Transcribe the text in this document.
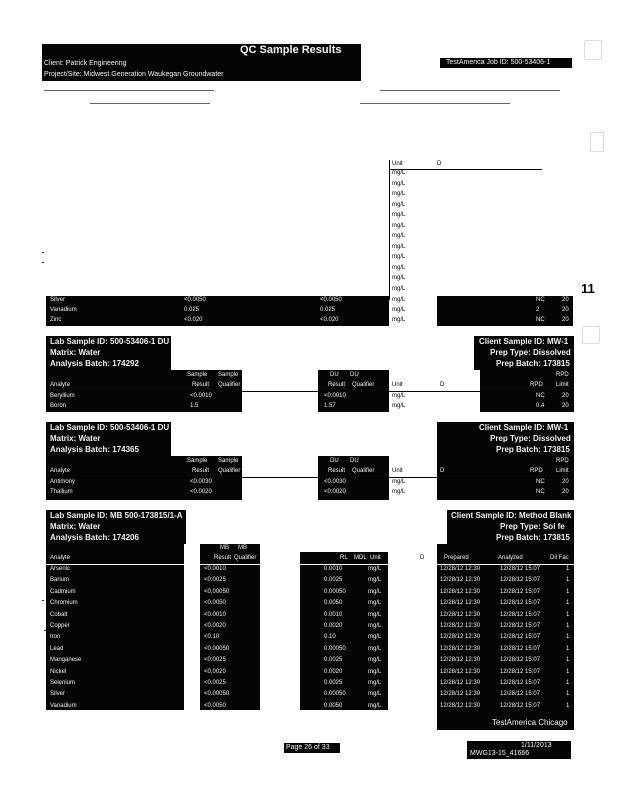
QC Sample Results
Client: Patrick Engineering
Project/Site: Midwest Generation Waukegan Groundwater
TestAmerica Job ID: 500-53406-1
Unit	D
mg/L
mg/L
mg/L
mg/L
mg/L
mg/L
mg/L
mg/L
mg/L
mg/L
mg/L
mg/L	11
Silver	<0.0050	<0.0050	mg/L	NC	20
Vanadium	0.025	0.025	mg/L	2	20
Zinc	<0.020	<0.020	mg/L	NC	20
Lab Sample ID: 500-53406-1 DU
Matrix: Water
Analysis Batch: 174292
Client Sample ID: MW-1
Prep Type: Dissolved
Prep Batch: 173815
Sample Sample	DU DU	RPD
Analyte	Result Qualifier	Result Qualifier	Unit	D	RPD Limit
Beryllium	<0.0010	<0.0010	mg/L	NC	20
Boron	1.5	1.57	mg/L	0.4	20
Lab Sample ID: 500-53406-1 DU
Matrix: Water
Analysis Batch: 174365
Client Sample ID: MW-1
Prep Type: Dissolved
Prep Batch: 173815
Sample Sample	DU DU	RPD
Analyte	Result Qualifier	Result Qualifier	Unit	D	RPD Limit
Antimony	<0.0030	<0.0030	mg/L	NC	20
Thallium	<0.0020	<0.0020	mg/L	NC	20
Lab Sample ID: MB 500-173815/1-A
Matrix: Water
Analysis Batch: 174206
Client Sample ID: Method Blank
Prep Type: Sol fe
Prep Batch: 173815
MB MB
Analyte	Result Qualifier	RL MDL Unit	D	Prepared	Analyzed	Dil Fac
Arsenic	<0.0010	0.0010	mg/L	12/28/12 12:30	12/28/12 15:07	1
Barium	<0.0025	0.0025	mg/L	12/28/12 12:30	12/28/12 15:07	1
Cadmium	<0.00050	0.00050	mg/L	12/28/12 12:30	12/28/12 15:07	1
Chromium	<0.0050	0.0050	mg/L	12/28/12 12:30	12/28/12 15:07	1
Cobalt	<0.0010	0.0010	mg/L	12/28/12 12:30	12/28/12 15:07	1
Copper	<0.0020	0.0020	mg/L	12/28/12 12:30	12/28/12 15:07	1
Iron	<0.10	0.10	mg/L	12/28/12 12:30	12/28/12 15:07	1
Lead	<0.00050	0.00050	mg/L	12/28/12 12:30	12/28/12 15:07	1
Manganese	<0.0025	0.0025	mg/L	12/28/12 12:30	12/28/12 15:07	1
Nickel	<0.0020	0.0020	mg/L	12/28/12 12:30	12/28/12 15:07	1
Selenium	<0.0025	0.0025	mg/L	12/28/12 12:30	12/28/12 15:07	1
Silver	<0.00050	0.00050	mg/L	12/28/12 12:30	12/28/12 15:07	1
Vanadium	<0.0050	0.0050	mg/L	12/28/12 12:30	12/28/12 15:07	1
TestAmerica Chicago
Page 26 of 33	1/11/2013
MWG13-15_41666
